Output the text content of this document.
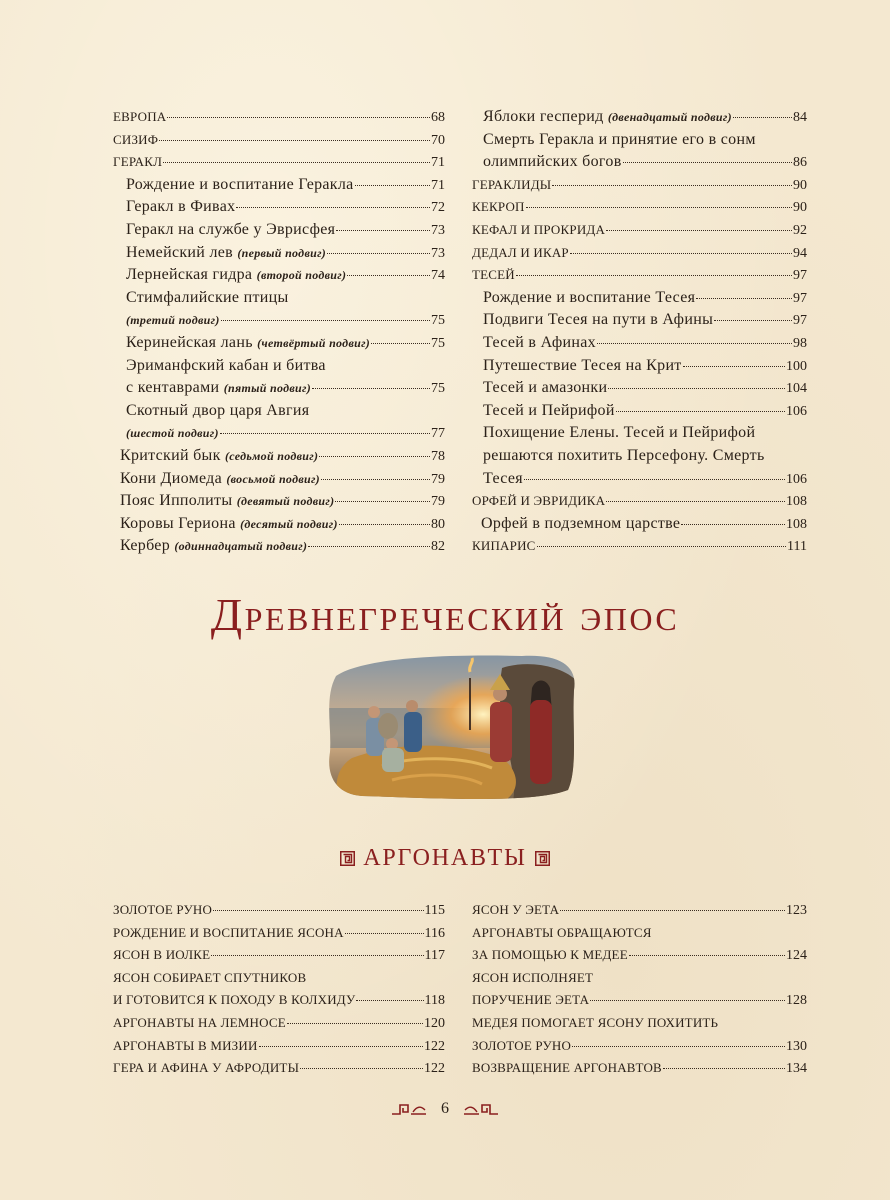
ЕВРОПА	68
СИЗИФ	70
ГЕРАКЛ	71
Рождение и воспитание Геракла	71
Геракл в Фивах	72
Геракл на службе у Эврисфея	73
Немейский лев (первый подвиг)	73
Лернейская гидра (второй подвиг)	74
Стимфалийские птицы
(третий подвиг)	75
Керинейская лань (четвёртый подвиг)	75
Эриманфский кабан и битва
с кентаврами (пятый подвиг)	75
Скотный двор царя Авгия
(шестой подвиг)	77
Критский бык (седьмой подвиг)	78
Кони Диомеда (восьмой подвиг)	79
Пояс Ипполиты (девятый подвиг)	79
Коровы Гериона (десятый подвиг)	80
Кербер (одиннадцатый подвиг)	82
Яблоки гесперид (двенадцатый подвиг)	84
Смерть Геракла и принятие его в сонм
олимпийских богов	86
ГЕРАКЛИДЫ	90
КЕКРОП	90
КЕФАЛ И ПРОКРИДА	92
ДЕДАЛ И ИКАР	94
ТЕСЕЙ	97
Рождение и воспитание Тесея	97
Подвиги Тесея на пути в Афины	97
Тесей в Афинах	98
Путешествие Тесея на Крит	100
Тесей и амазонки	104
Тесей и Пейрифой	106
Похищение Елены. Тесей и Пейрифой
решаются похитить Персефону. Смерть
Тесея	106
ОРФЕЙ И ЭВРИДИКА	108
Орфей в подземном царстве	108
КИПАРИС	111
Древнегреческий эпос
АРГОНАВТЫ
ЗОЛОТОЕ РУНО	115
РОЖДЕНИЕ И ВОСПИТАНИЕ ЯСОНА	116
ЯСОН В ИОЛКЕ	117
ЯСОН СОБИРАЕТ СПУТНИКОВ
И ГОТОВИТСЯ К ПОХОДУ В КОЛХИДУ	118
АРГОНАВТЫ НА ЛЕМНОСЕ	120
АРГОНАВТЫ В МИЗИИ	122
ГЕРА И АФИНА У АФРОДИТЫ	122
ЯСОН У ЭЕТА	123
АРГОНАВТЫ ОБРАЩАЮТСЯ
ЗА ПОМОЩЬЮ К МЕДЕЕ	124
ЯСОН ИСПОЛНЯЕТ
ПОРУЧЕНИЕ ЭЕТА	128
МЕДЕЯ ПОМОГАЕТ ЯСОНУ ПОХИТИТЬ
ЗОЛОТОЕ РУНО	130
ВОЗВРАЩЕНИЕ АРГОНАВТОВ	134
6
